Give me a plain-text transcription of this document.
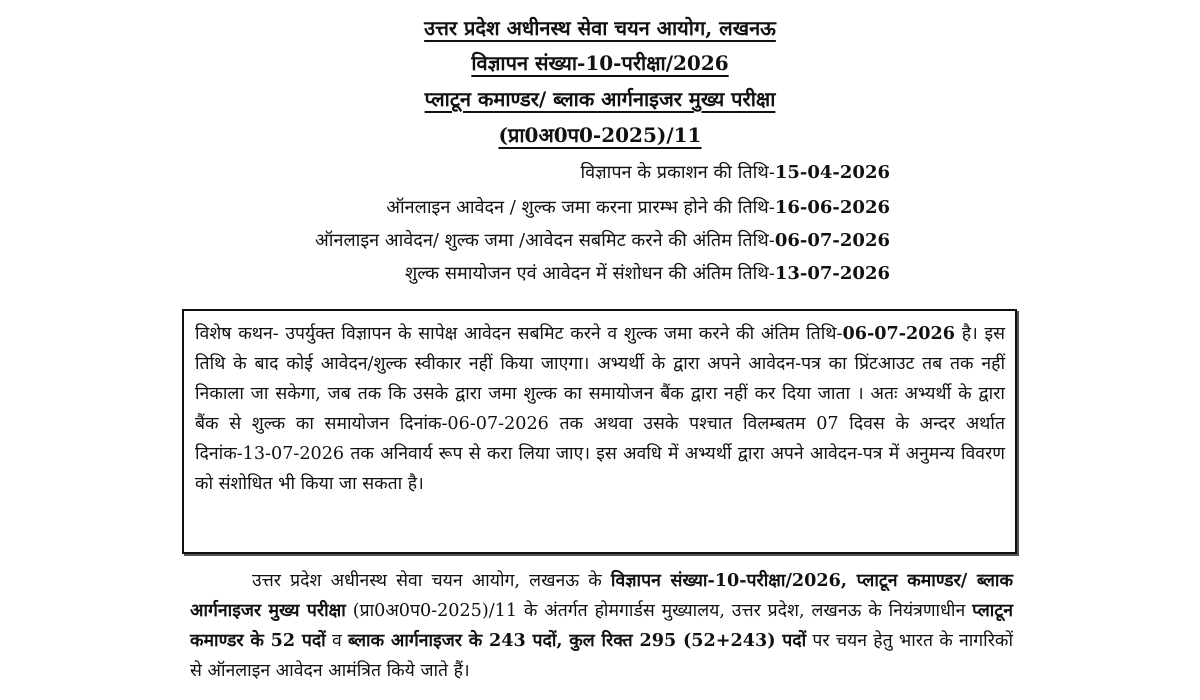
उत्तर प्रदेश अधीनस्थ सेवा चयन आयोग, लखनऊ
विज्ञापन संख्या-10-परीक्षा/2026
प्लाटून कमाण्डर/ ब्लाक आर्गनाइजर मुख्य परीक्षा
(प्रा0अ0प0-2025)/11
विज्ञापन के प्रकाशन की तिथि-15-04-2026
ऑनलाइन आवेदन / शुल्क जमा करना प्रारम्भ होने की तिथि-16-06-2026
ऑनलाइन आवेदन/ शुल्क जमा /आवेदन सबमिट करने की अंतिम तिथि-06-07-2026
शुल्क समायोजन एवं आवेदन में संशोधन की अंतिम तिथि-13-07-2026
विशेष कथन- उपर्युक्त विज्ञापन के सापेक्ष आवेदन सबमिट करने व शुल्क जमा करने की अंतिम तिथि-06-07-2026 है। इस तिथि के बाद कोई आवेदन/शुल्क स्वीकार नहीं किया जाएगा। अभ्यर्थी के द्वारा अपने आवेदन-पत्र का प्रिंटआउट तब तक नहीं निकाला जा सकेगा, जब तक कि उसके द्वारा जमा शुल्क का समायोजन बैंक द्वारा नहीं कर दिया जाता । अतः अभ्यर्थी के द्वारा बैंक से शुल्क का समायोजन दिनांक-06-07-2026 तक अथवा उसके पश्चात विलम्बतम 07 दिवस के अन्दर अर्थात दिनांक-13-07-2026 तक अनिवार्य रूप से करा लिया जाए। इस अवधि में अभ्यर्थी द्वारा अपने आवेदन-पत्र में अनुमन्य विवरण को संशोधित भी किया जा सकता है।
उत्तर प्रदेश अधीनस्थ सेवा चयन आयोग, लखनऊ के विज्ञापन संख्या-10-परीक्षा/2026, प्लाटून कमाण्डर/ ब्लाक आर्गनाइजर मुख्य परीक्षा (प्रा0अ0प0-2025)/11 के अंतर्गत होमगार्डस मुख्यालय, उत्तर प्रदेश, लखनऊ के नियंत्रणाधीन प्लाटून कमाण्डर के 52 पदों व ब्लाक आर्गनाइजर के 243 पदों, कुल रिक्त 295 (52+243) पदों पर चयन हेतु भारत के नागरिकों से ऑनलाइन आवेदन आमंत्रित किये जाते हैं।
